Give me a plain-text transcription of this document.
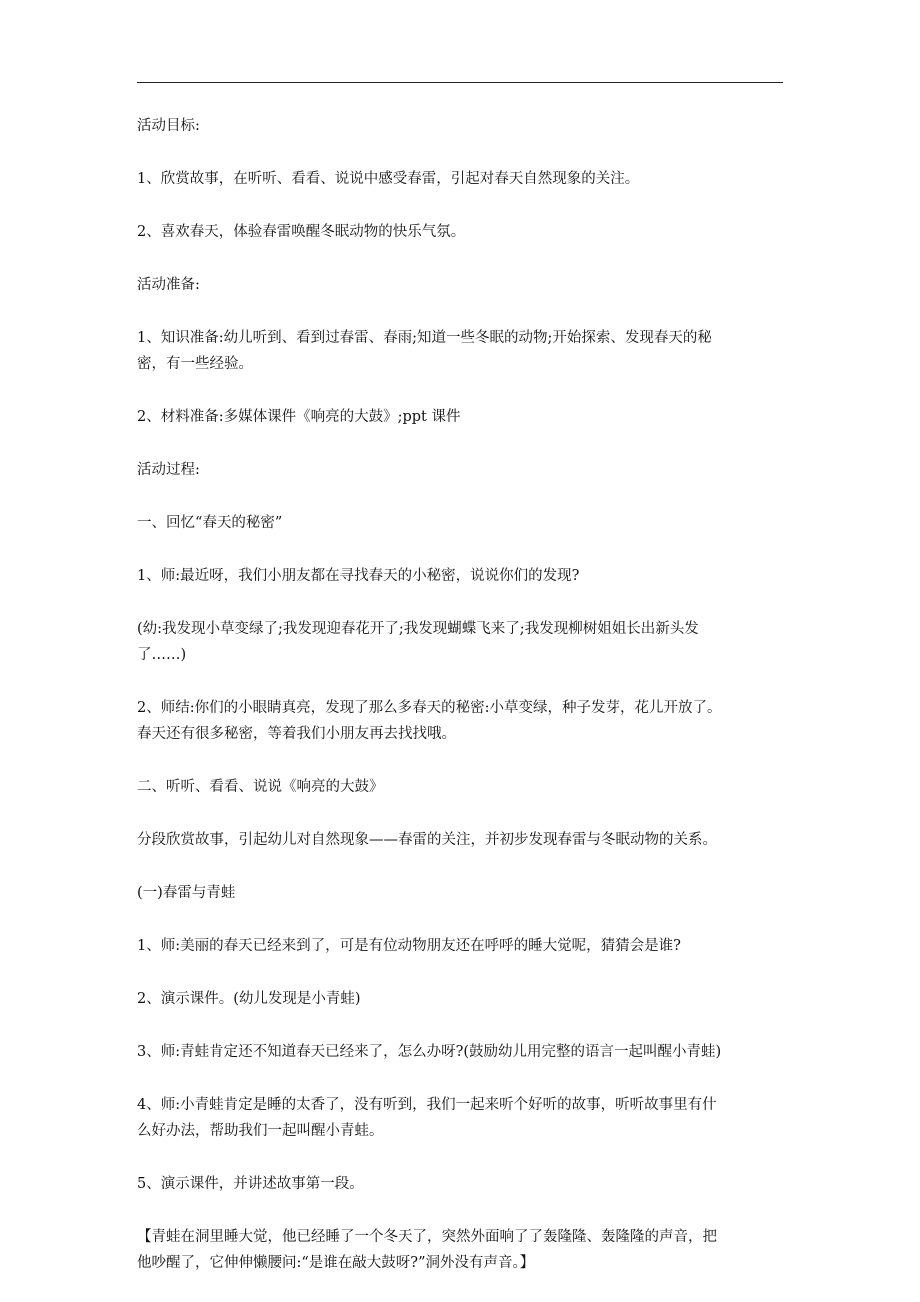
活动目标:

1、欣赏故事，在听听、看看、说说中感受春雷，引起对春天自然现象的关注。

2、喜欢春天，体验春雷唤醒冬眠动物的快乐气氛。

活动准备:

1、知识准备:幼儿听到、看到过春雷、春雨;知道一些冬眠的动物;开始探索、发现春天的秘
密，有一些经验。

2、材料准备:多媒体课件《响亮的大鼓》;ppt 课件

活动过程:

一、回忆“春天的秘密”

1、师:最近呀，我们小朋友都在寻找春天的小秘密，说说你们的发现?

(幼:我发现小草变绿了;我发现迎春花开了;我发现蝴蝶飞来了;我发现柳树姐姐长出新头发
了……)

2、师结:你们的小眼睛真亮，发现了那么多春天的秘密:小草变绿，种子发芽，花儿开放了。
春天还有很多秘密，等着我们小朋友再去找找哦。

二、听听、看看、说说《响亮的大鼓》

分段欣赏故事，引起幼儿对自然现象——春雷的关注，并初步发现春雷与冬眠动物的关系。

(一)春雷与青蛙

1、师:美丽的春天已经来到了，可是有位动物朋友还在呼呼的睡大觉呢，猜猜会是谁?

2、演示课件。(幼儿发现是小青蛙)

3、师:青蛙肯定还不知道春天已经来了，怎么办呀?(鼓励幼儿用完整的语言一起叫醒小青蛙)

4、师:小青蛙肯定是睡的太香了，没有听到，我们一起来听个好听的故事，听听故事里有什
么好办法，帮助我们一起叫醒小青蛙。

5、演示课件，并讲述故事第一段。

【青蛙在洞里睡大觉，他已经睡了一个冬天了，突然外面响了了轰隆隆、轰隆隆的声音，把
他吵醒了，它伸伸懒腰问:“是谁在敲大鼓呀?”洞外没有声音。】
